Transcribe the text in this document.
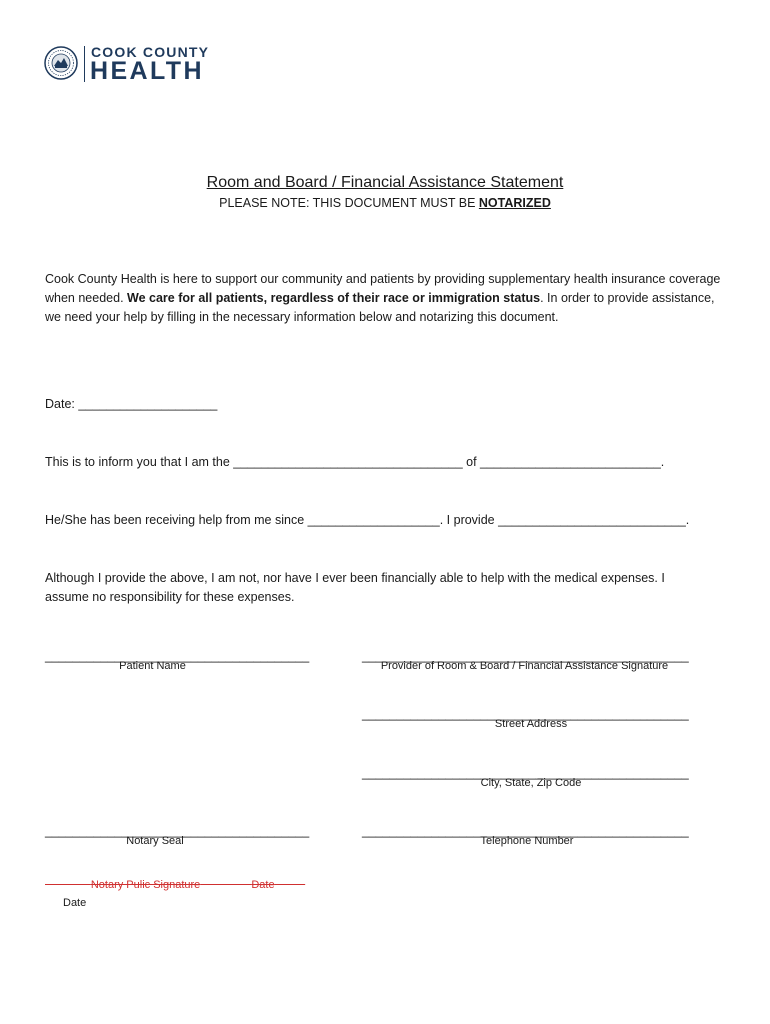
COOK COUNTY
HEALTH
Room and Board / Financial Assistance Statement
PLEASE NOTE: THIS DOCUMENT MUST BE NOTARIZED
Cook County Health is here to support our community and patients by providing supplementary health insurance coverage when needed. We care for all patients, regardless of their race or immigration status. In order to provide assistance, we need your help by filling in the necessary information below and notarizing this document.
Date: ____________________
This is to inform you that I am the _________________________________ of __________________________.
He/She has been receiving help from me since ___________________. I provide ___________________________.
Although I provide the above, I am not, nor have I ever been financially able to help with the medical expenses. I
assume no responsibility for these expenses.
______________________________________
Patient Name
______________________________________
Notary Seal
Notary Pulic Signature	Date
Date
_______________________________________________
Provider of Room & Board / Financial Assistance Signature
_______________________________________________
Street Address
_______________________________________________
City, State, Zip Code
_______________________________________________
Telephone Number
